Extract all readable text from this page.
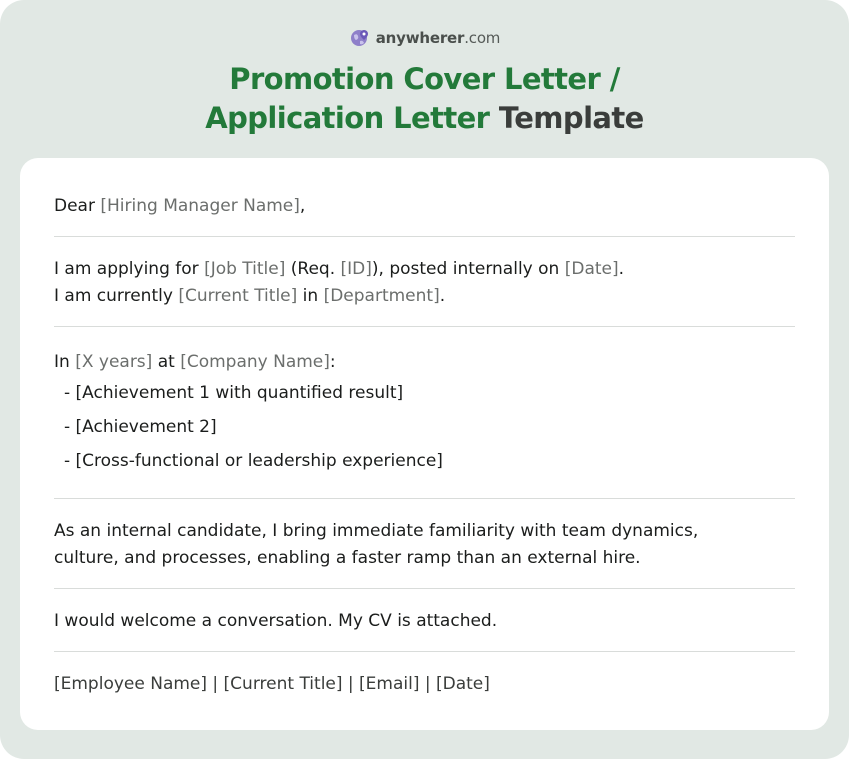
anywherer.com
Promotion Cover Letter /
Application Letter Template
Dear [Hiring Manager Name],
I am applying for [Job Title] (Req. [ID]), posted internally on [Date].
I am currently [Current Title] in [Department].
In [X years] at [Company Name]:
- [Achievement 1 with quantified result]
- [Achievement 2]
- [Cross-functional or leadership experience]
As an internal candidate, I bring immediate familiarity with team dynamics,
culture, and processes, enabling a faster ramp than an external hire.
I would welcome a conversation. My CV is attached.
[Employee Name] | [Current Title] | [Email] | [Date]
